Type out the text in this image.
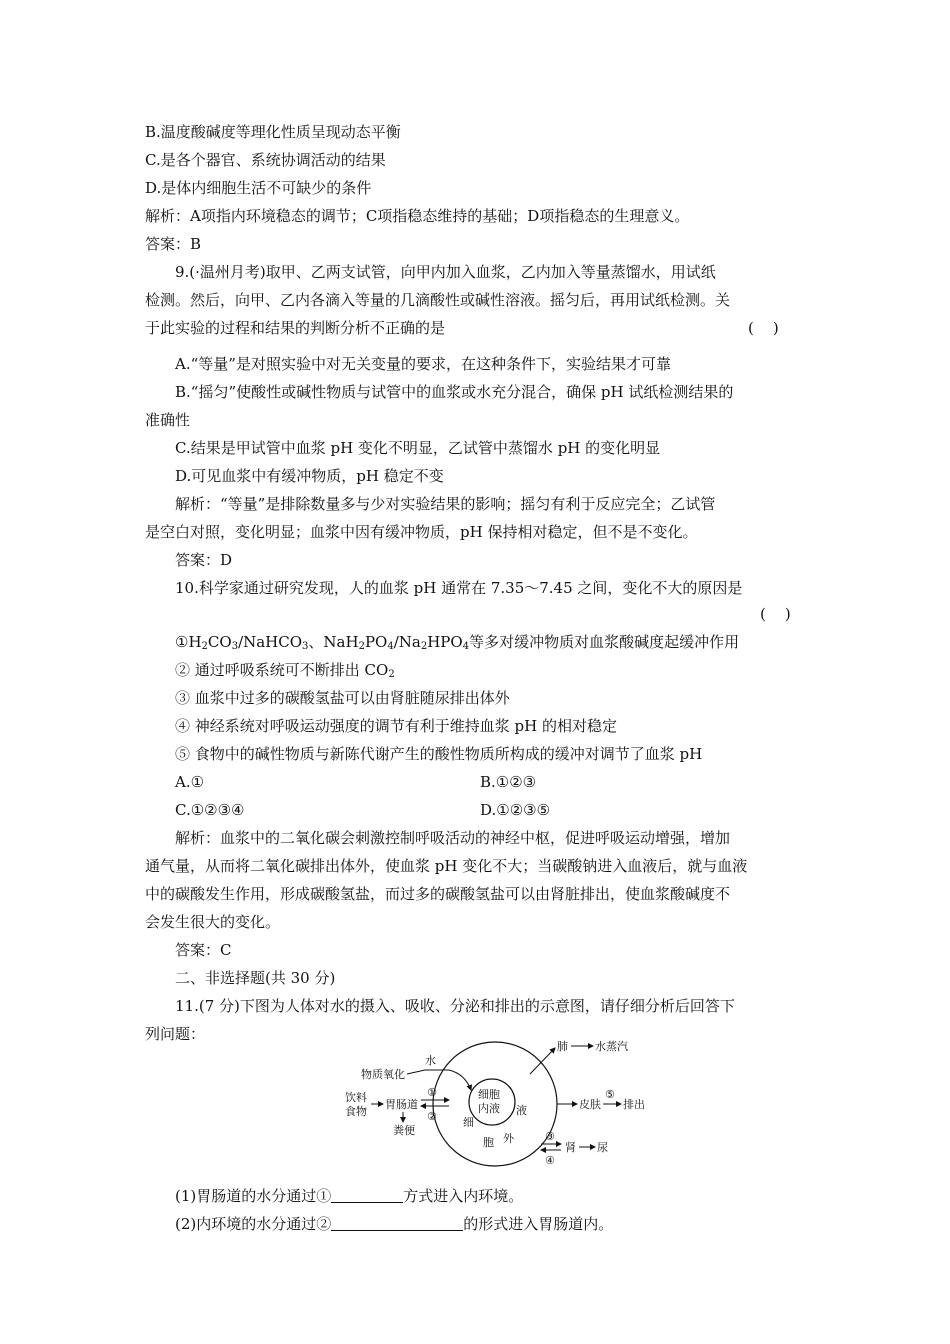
B.温度酸碱度等理化性质呈现动态平衡
C.是各个器官、系统协调活动的结果
D.是体内细胞生活不可缺少的条件
解析：A项指内环境稳态的调节；C项指稳态维持的基础；D项指稳态的生理意义。
答案：B
9.(·温州月考)取甲、乙两支试管，向甲内加入血浆，乙内加入等量蒸馏水，用试纸
检测。然后，向甲、乙内各滴入等量的几滴酸性或碱性溶液。摇匀后，再用试纸检测。关
于此实验的过程和结果的判断分析不正确的是	(    )
A.“等量”是对照实验中对无关变量的要求，在这种条件下，实验结果才可靠
B.“摇匀”使酸性或碱性物质与试管中的血浆或水充分混合，确保 pH 试纸检测结果的
准确性
C.结果是甲试管中血浆 pH 变化不明显，乙试管中蒸馏水 pH 的变化明显
D.可见血浆中有缓冲物质，pH 稳定不变
解析：“等量”是排除数量多与少对实验结果的影响；摇匀有利于反应完全；乙试管
是空白对照，变化明显；血浆中因有缓冲物质，pH 保持相对稳定，但不是不变化。
答案：D
10.科学家通过研究发现，人的血浆 pH 通常在 7.35～7.45 之间，变化不大的原因是
(    )
$①H_2CO_3/NaHCO_3$、$NaH_2PO_4/Na_2HPO_4$等多对缓冲物质对血浆酸碱度起缓冲作用
② 通过呼吸系统可不断排出 $CO_2$
③ 血浆中过多的碳酸氢盐可以由肾脏随尿排出体外
④ 神经系统对呼吸运动强度的调节有利于维持血浆 pH 的相对稳定
⑤ 食物中的碱性物质与新陈代谢产生的酸性物质所构成的缓冲对调节了血浆 pH
A.①	B.①②③
C.①②③④	D.①②③⑤
解析：血浆中的二氧化碳会刺激控制呼吸活动的神经中枢，促进呼吸运动增强，增加
通气量，从而将二氧化碳排出体外，使血浆 pH 变化不大；当碳酸钠进入血液后，就与血液
中的碳酸发生作用，形成碳酸氢盐，而过多的碳酸氢盐可以由肾脏排出，使血浆酸碱度不
会发生很大的变化。
答案：C
二、非选择题(共 30 分)
11.(7 分)下图为人体对水的摄入、吸收、分泌和排出的示意图，请仔细分析后回答下
列问题：
细胞
内液
细
液
胞 外
物质氧化
水
饮料
食物
胃肠道
粪便
①
②
肺 水蒸汽
皮肤
⑤
排出
③
④
肾 尿
(1)胃肠道的水分通过①	方式进入内环境。
(2)内环境的水分通过②	的形式进入胃肠道内。
